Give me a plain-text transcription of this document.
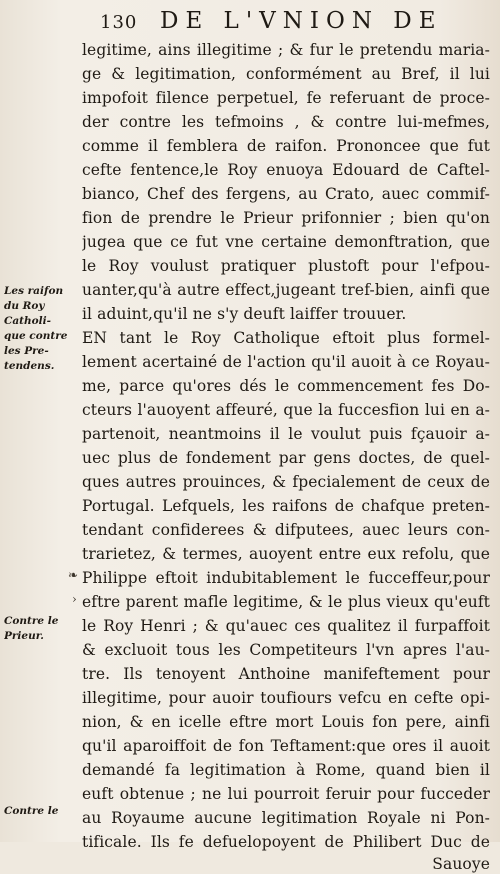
130 DE L'VNION DE
Les raifon
du Roy
Catholi-
que contre
les Pre-
tendens.
Contre le
Prieur.
Contre le
❧
›
legitime, ains illegitime ; & fur le pretendu maria-
ge & legitimation, conformément au Bref, il lui
impofoit filence perpetuel, fe referuant de proce-
der contre les tefmoins , & contre lui-mefmes,
comme il femblera de raifon. Prononcee que fut
cefte fentence,le Roy enuoya Edouard de Caftel-
bianco, Chef des fergens, au Crato, auec commif-
fion de prendre le Prieur prifonnier ; bien qu'on
jugea que ce fut vne certaine demonftration, que
le Roy voulust pratiquer plustoft pour l'efpou-
uanter,qu'à autre effect,jugeant tref-bien, ainfi que
il aduint,qu'il ne s'y deuft laiffer trouuer.
EN tant le Roy Catholique eftoit plus formel-
lement acertainé de l'action qu'il auoit à ce Royau-
me, parce qu'ores dés le commencement fes Do-
cteurs l'auoyent affeuré, que la fuccesfion lui en a-
partenoit, neantmoins il le voulut puis fçauoir a-
uec plus de fondement par gens doctes, de quel-
ques autres prouinces, & fpecialement de ceux de
Portugal. Lefquels, les raifons de chafque preten-
tendant confiderees & difputees, auec leurs con-
trarietez, & termes, auoyent entre eux refolu, que
Philippe eftoit indubitablement le fucceffeur,pour
eftre parent mafle legitime, & le plus vieux qu'euft
le Roy Henri ; & qu'auec ces qualitez il furpaffoit
& excluoit tous les Competiteurs l'vn apres l'au-
tre. Ils tenoyent Anthoine manifeftement pour
illegitime, pour auoir toufiours vefcu en cefte opi-
nion, & en icelle eftre mort Louis fon pere, ainfi
qu'il aparoiffoit de fon Teftament:que ores il auoit
demandé fa legitimation à Rome, quand bien il
euft obtenue ; ne lui pourroit feruir pour fucceder
au Royaume aucune legitimation Royale ni Pon-
tificale. Ils fe defuelopoyent de Philibert Duc de
Sauoye
